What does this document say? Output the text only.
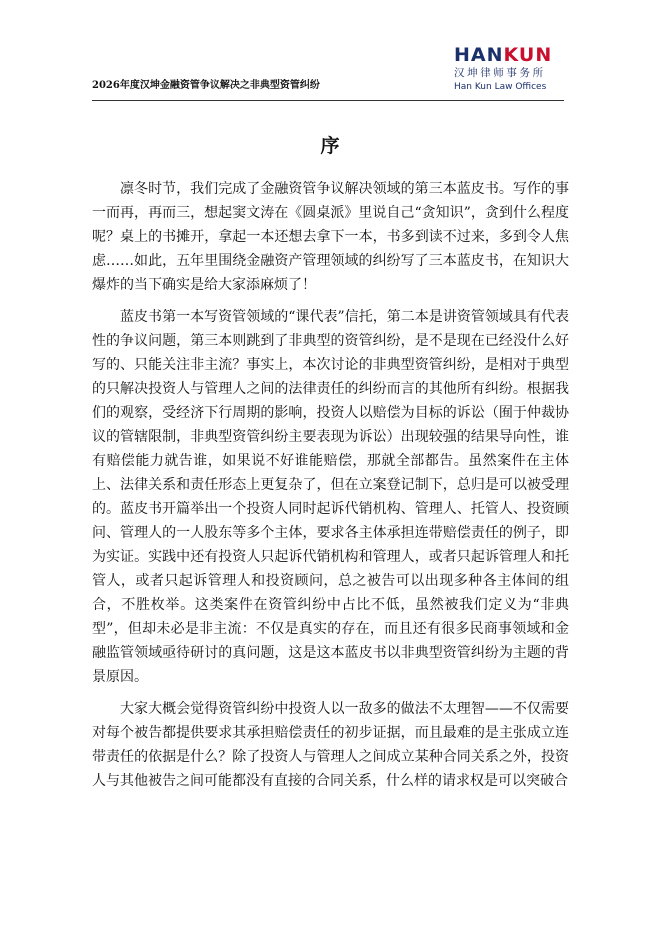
2026年度汉坤金融资管争议解决之非典型资管纠纷
HANKUN
汉坤律师事务所
Han Kun Law Offices
序

凛冬时节，我们完成了金融资管争议解决领域的第三本蓝皮书。写作的事一而再，再而三，想起窦文涛在《圆桌派》里说自己“贪知识”，贪到什么程度呢？桌上的书摊开，拿起一本还想去拿下一本，书多到读不过来，多到令人焦虑……如此，五年里围绕金融资产管理领域的纠纷写了三本蓝皮书，在知识大爆炸的当下确实是给大家添麻烦了！

蓝皮书第一本写资管领域的“课代表”信托，第二本是讲资管领域具有代表性的争议问题，第三本则跳到了非典型的资管纠纷，是不是现在已经没什么好写的、只能关注非主流？事实上，本次讨论的非典型资管纠纷，是相对于典型的只解决投资人与管理人之间的法律责任的纠纷而言的其他所有纠纷。根据我们的观察，受经济下行周期的影响，投资人以赔偿为目标的诉讼（囿于仲裁协议的管辖限制，非典型资管纠纷主要表现为诉讼）出现较强的结果导向性，谁有赔偿能力就告谁，如果说不好谁能赔偿，那就全部都告。虽然案件在主体上、法律关系和责任形态上更复杂了，但在立案登记制下，总归是可以被受理的。蓝皮书开篇举出一个投资人同时起诉代销机构、管理人、托管人、投资顾问、管理人的一人股东等多个主体，要求各主体承担连带赔偿责任的例子，即为实证。实践中还有投资人只起诉代销机构和管理人，或者只起诉管理人和托管人，或者只起诉管理人和投资顾问，总之被告可以出现多种各主体间的组合，不胜枚举。这类案件在资管纠纷中占比不低，虽然被我们定义为“非典型”，但却未必是非主流：不仅是真实的存在，而且还有很多民商事领域和金融监管领域亟待研讨的真问题，这是这本蓝皮书以非典型资管纠纷为主题的背景原因。

大家大概会觉得资管纠纷中投资人以一敌多的做法不太理智——不仅需要对每个被告都提供要求其承担赔偿责任的初步证据，而且最难的是主张成立连带责任的依据是什么？除了投资人与管理人之间成立某种合同关系之外，投资人与其他被告之间可能都没有直接的合同关系，什么样的请求权是可以突破合
